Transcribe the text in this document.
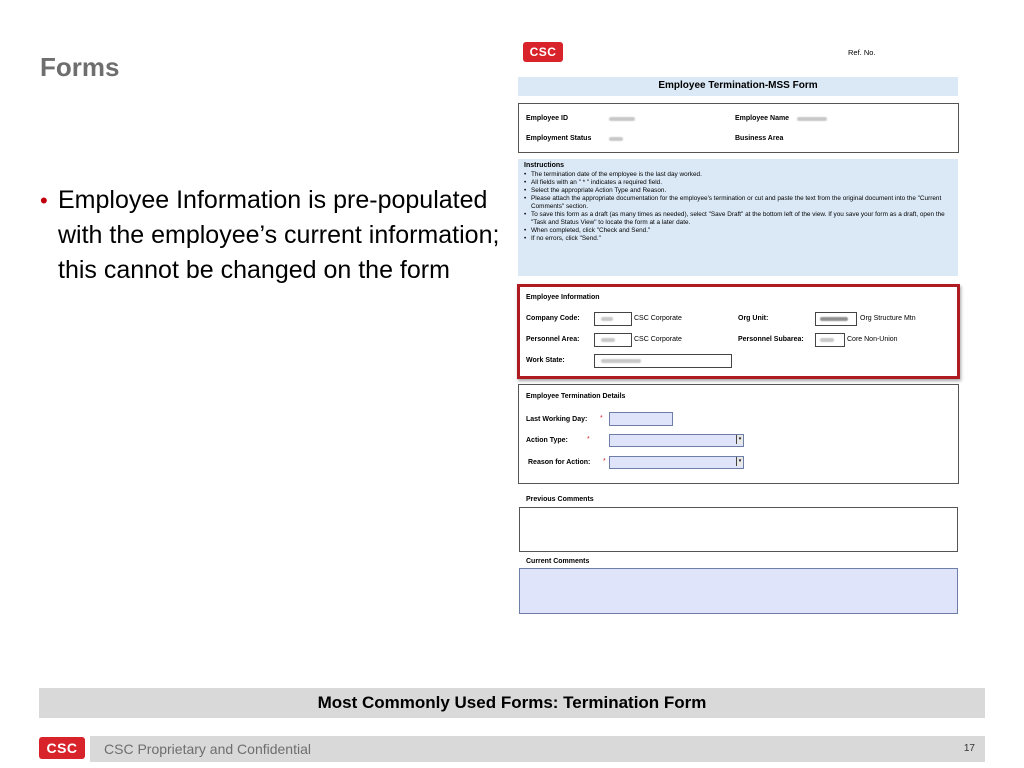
Forms
• Employee Information is pre-populated with the employee’s current information; this cannot be changed on the form
CSC	Ref. No.
Employee Termination-MSS Form
Employee ID	Employee Name
Employment Status	Business Area
Instructions
• The termination date of the employee is the last day worked.
• All fields with an " * " indicates a required field.
• Select the appropriate Action Type and Reason.
• Please attach the appropriate documentation for the employee's termination or cut and paste the text from the original document into the "Current Comments" section.
• To save this form as a draft (as many times as needed), select "Save Draft" at the bottom left of the view. If you save your form as a draft, open the "Task and Status View" to locate the form at a later date.
• When completed, click "Check and Send."
• If no errors, click "Send."
Employee Information
Company Code:	CSC Corporate	Org Unit:	Org Structure Mtn
Personnel Area:	CSC Corporate	Personnel Subarea:	Core Non-Union
Work State:
Employee Termination Details
Last Working Day: *
Action Type:	*	▾
Reason for Action: *	▾
Previous Comments
Current Comments
Most Commonly Used Forms: Termination Form
CSC	CSC Proprietary and Confidential	17
